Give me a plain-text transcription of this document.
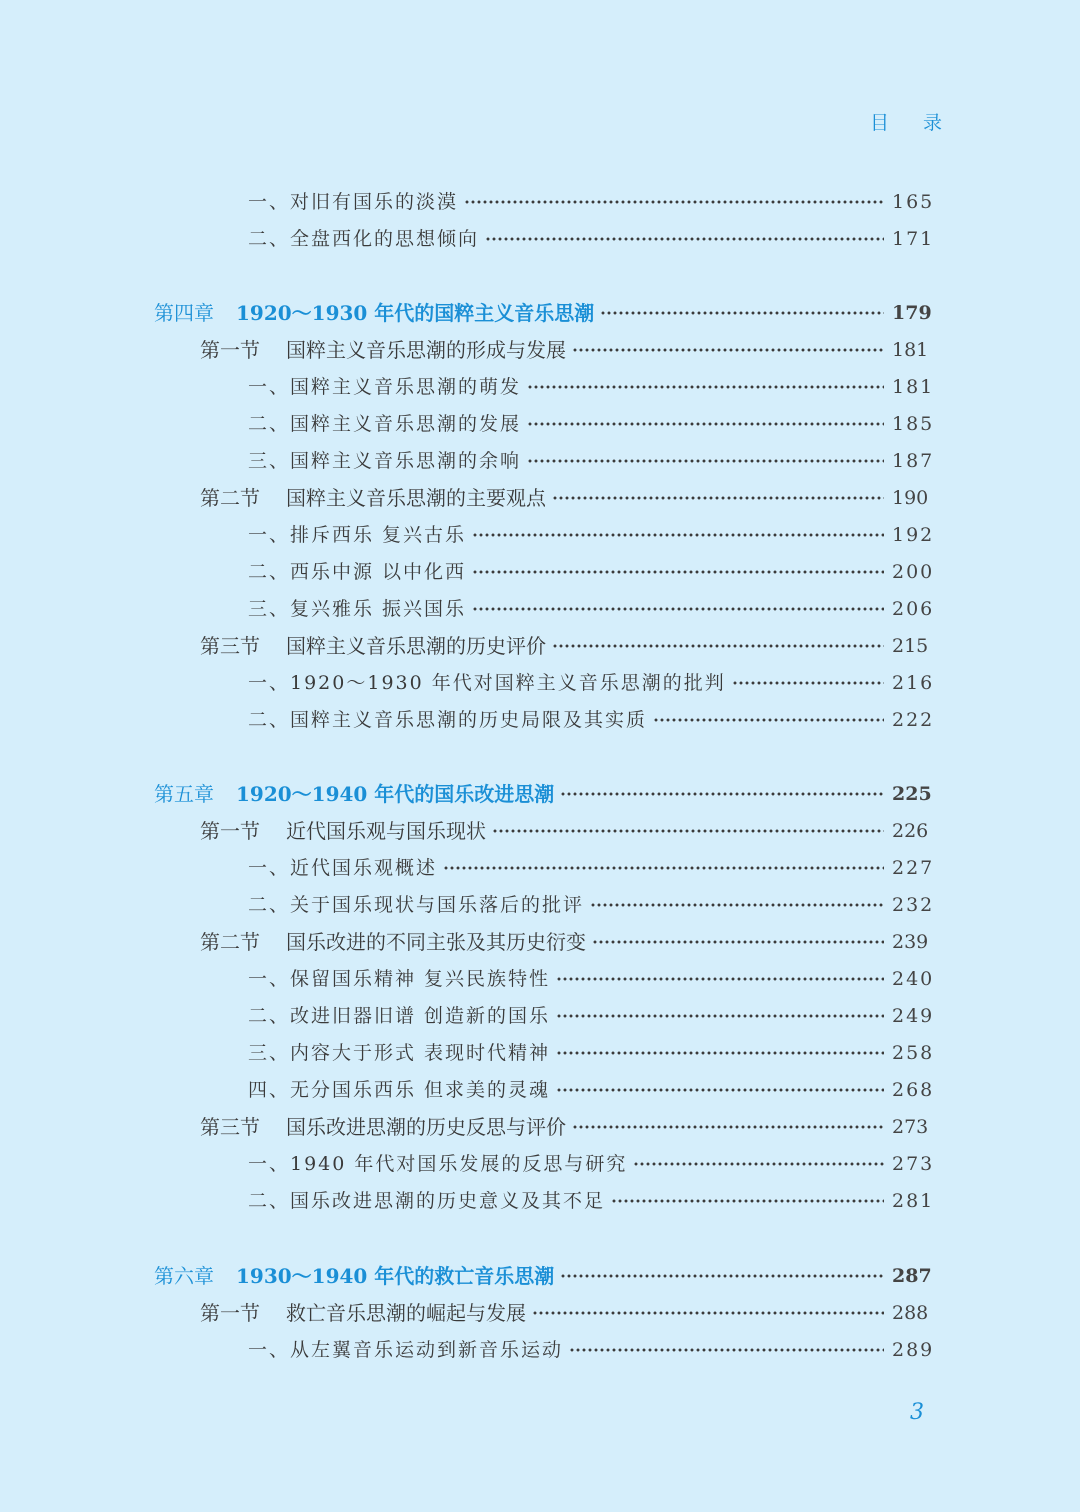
目 录
一、对旧有国乐的淡漠	165
二、全盘西化的思想倾向	171
第四章 1920～1930 年代的国粹主义音乐思潮	179
第一节 国粹主义音乐思潮的形成与发展	181
一、国粹主义音乐思潮的萌发	181
二、国粹主义音乐思潮的发展	185
三、国粹主义音乐思潮的余响	187
第二节 国粹主义音乐思潮的主要观点	190
一、排斥西乐 复兴古乐	192
二、西乐中源 以中化西	200
三、复兴雅乐 振兴国乐	206
第三节 国粹主义音乐思潮的历史评价	215
一、1920～1930 年代对国粹主义音乐思潮的批判	216
二、国粹主义音乐思潮的历史局限及其实质	222
第五章 1920～1940 年代的国乐改进思潮	225
第一节 近代国乐观与国乐现状	226
一、近代国乐观概述	227
二、关于国乐现状与国乐落后的批评	232
第二节 国乐改进的不同主张及其历史衍变	239
一、保留国乐精神 复兴民族特性	240
二、改进旧器旧谱 创造新的国乐	249
三、内容大于形式 表现时代精神	258
四、无分国乐西乐 但求美的灵魂	268
第三节 国乐改进思潮的历史反思与评价	273
一、1940 年代对国乐发展的反思与研究	273
二、国乐改进思潮的历史意义及其不足	281
第六章 1930～1940 年代的救亡音乐思潮	287
第一节 救亡音乐思潮的崛起与发展	288
一、从左翼音乐运动到新音乐运动	289
3
